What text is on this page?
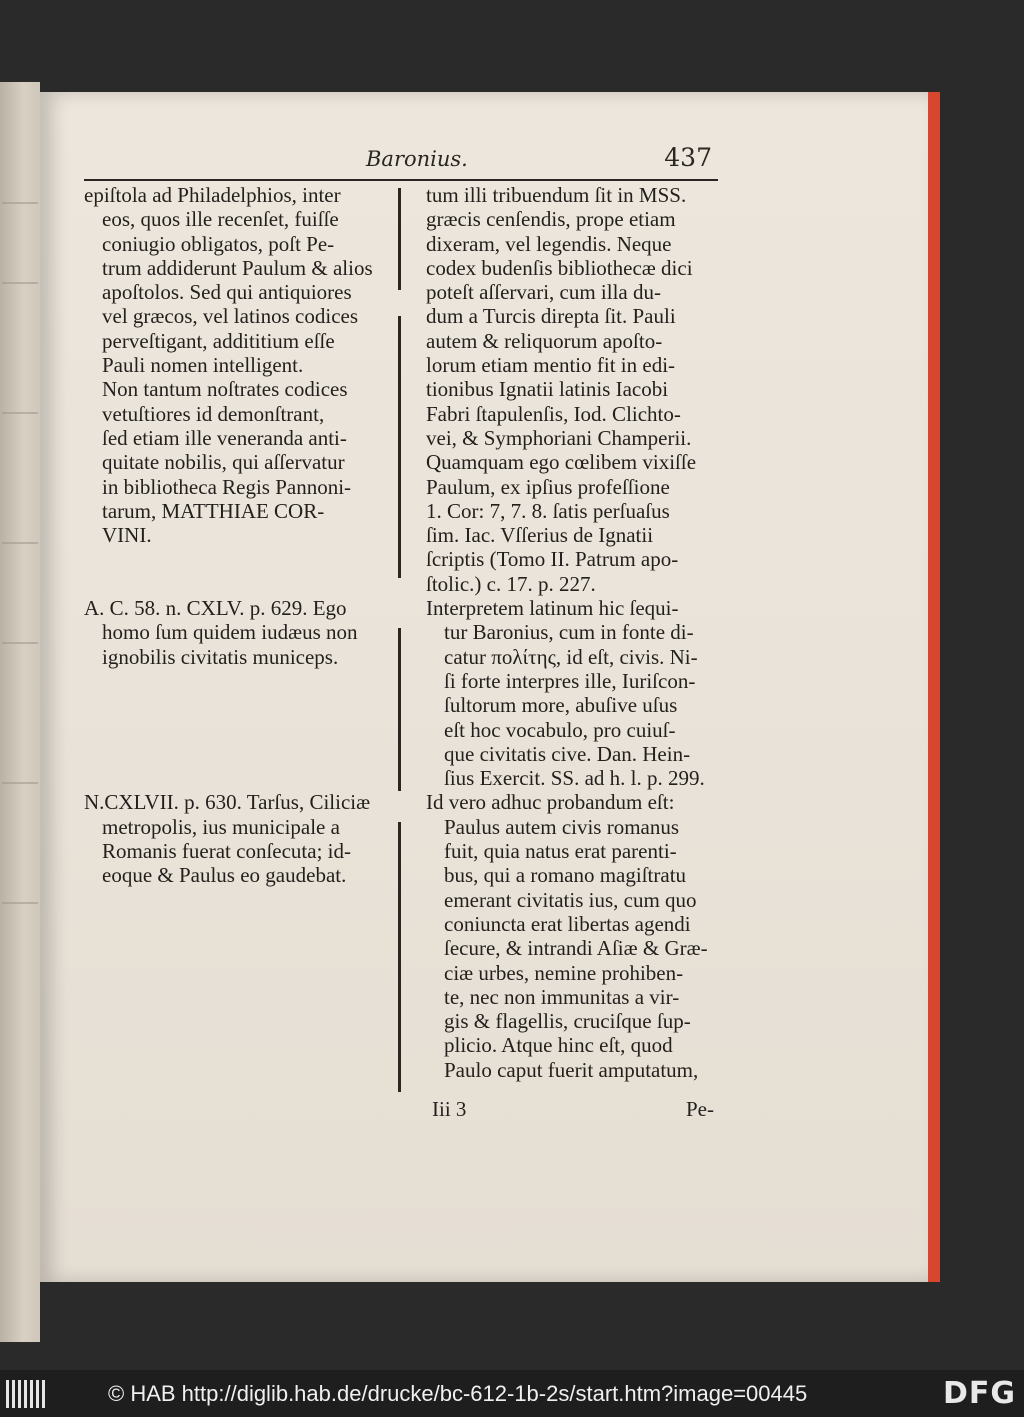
Baronius.	437
epiſtola ad Philadelphios, inter
eos, quos ille recenſet, fuiſſe
coniugio obligatos, poſt Pe-
trum addiderunt Paulum & alios
apoſtolos. Sed qui antiquiores
vel græcos, vel latinos codices
perveſtigant, addititium eſſe
Pauli nomen intelligent.
Non tantum noſtrates codices
vetuſtiores id demonſtrant,
ſed etiam ille veneranda anti-
quitate nobilis, qui aſſervatur
in bibliotheca Regis Pannoni-
tarum, MATTHIAE COR-
VINI.
A. C. 58. n. CXLV. p. 629. Ego
homo ſum quidem iudæus non
ignobilis civitatis municeps.
N.CXLVII. p. 630. Tarſus, Ciliciæ
metropolis, ius municipale a
Romanis fuerat conſecuta; id-
eoque & Paulus eo gaudebat.
tum illi tribuendum ſit in MSS.
græcis cenſendis, prope etiam
dixeram, vel legendis. Neque
codex budenſis bibliothecæ dici
poteſt aſſervari, cum illa du-
dum a Turcis direpta ſit. Pauli
autem & reliquorum apoſto-
lorum etiam mentio fit in edi-
tionibus Ignatii latinis Iacobi
Fabri ſtapulenſis, Iod. Clichto-
vei, & Symphoriani Champerii.
Quamquam ego cœlibem vixiſſe
Paulum, ex ipſius profeſſione
1. Cor: 7, 7. 8. ſatis perſuaſus
ſim. Iac. Vſſerius de Ignatii
ſcriptis (Tomo II. Patrum apo-
ſtolic.) c. 17. p. 227.
Interpretem latinum hic ſequi-
tur Baronius, cum in fonte di-
catur πολίτης, id eſt, civis. Ni-
ſi forte interpres ille, Iuriſcon-
ſultorum more, abuſive uſus
eſt hoc vocabulo, pro cuiuſ-
que civitatis cive. Dan. Hein-
ſius Exercit. SS. ad h. l. p. 299.
Id vero adhuc probandum eſt:
Paulus autem civis romanus
fuit, quia natus erat parenti-
bus, qui a romano magiſtratu
emerant civitatis ius, cum quo
coniuncta erat libertas agendi
ſecure, & intrandi Aſiæ & Græ-
ciæ urbes, nemine prohiben-
te, nec non immunitas a vir-
gis & flagellis, cruciſque ſup-
plicio. Atque hinc eſt, quod
Paulo caput fuerit amputatum,
Iii 3	Pe-
© HAB http://diglib.hab.de/drucke/bc-612-1b-2s/start.htm?image=00445	DFG
